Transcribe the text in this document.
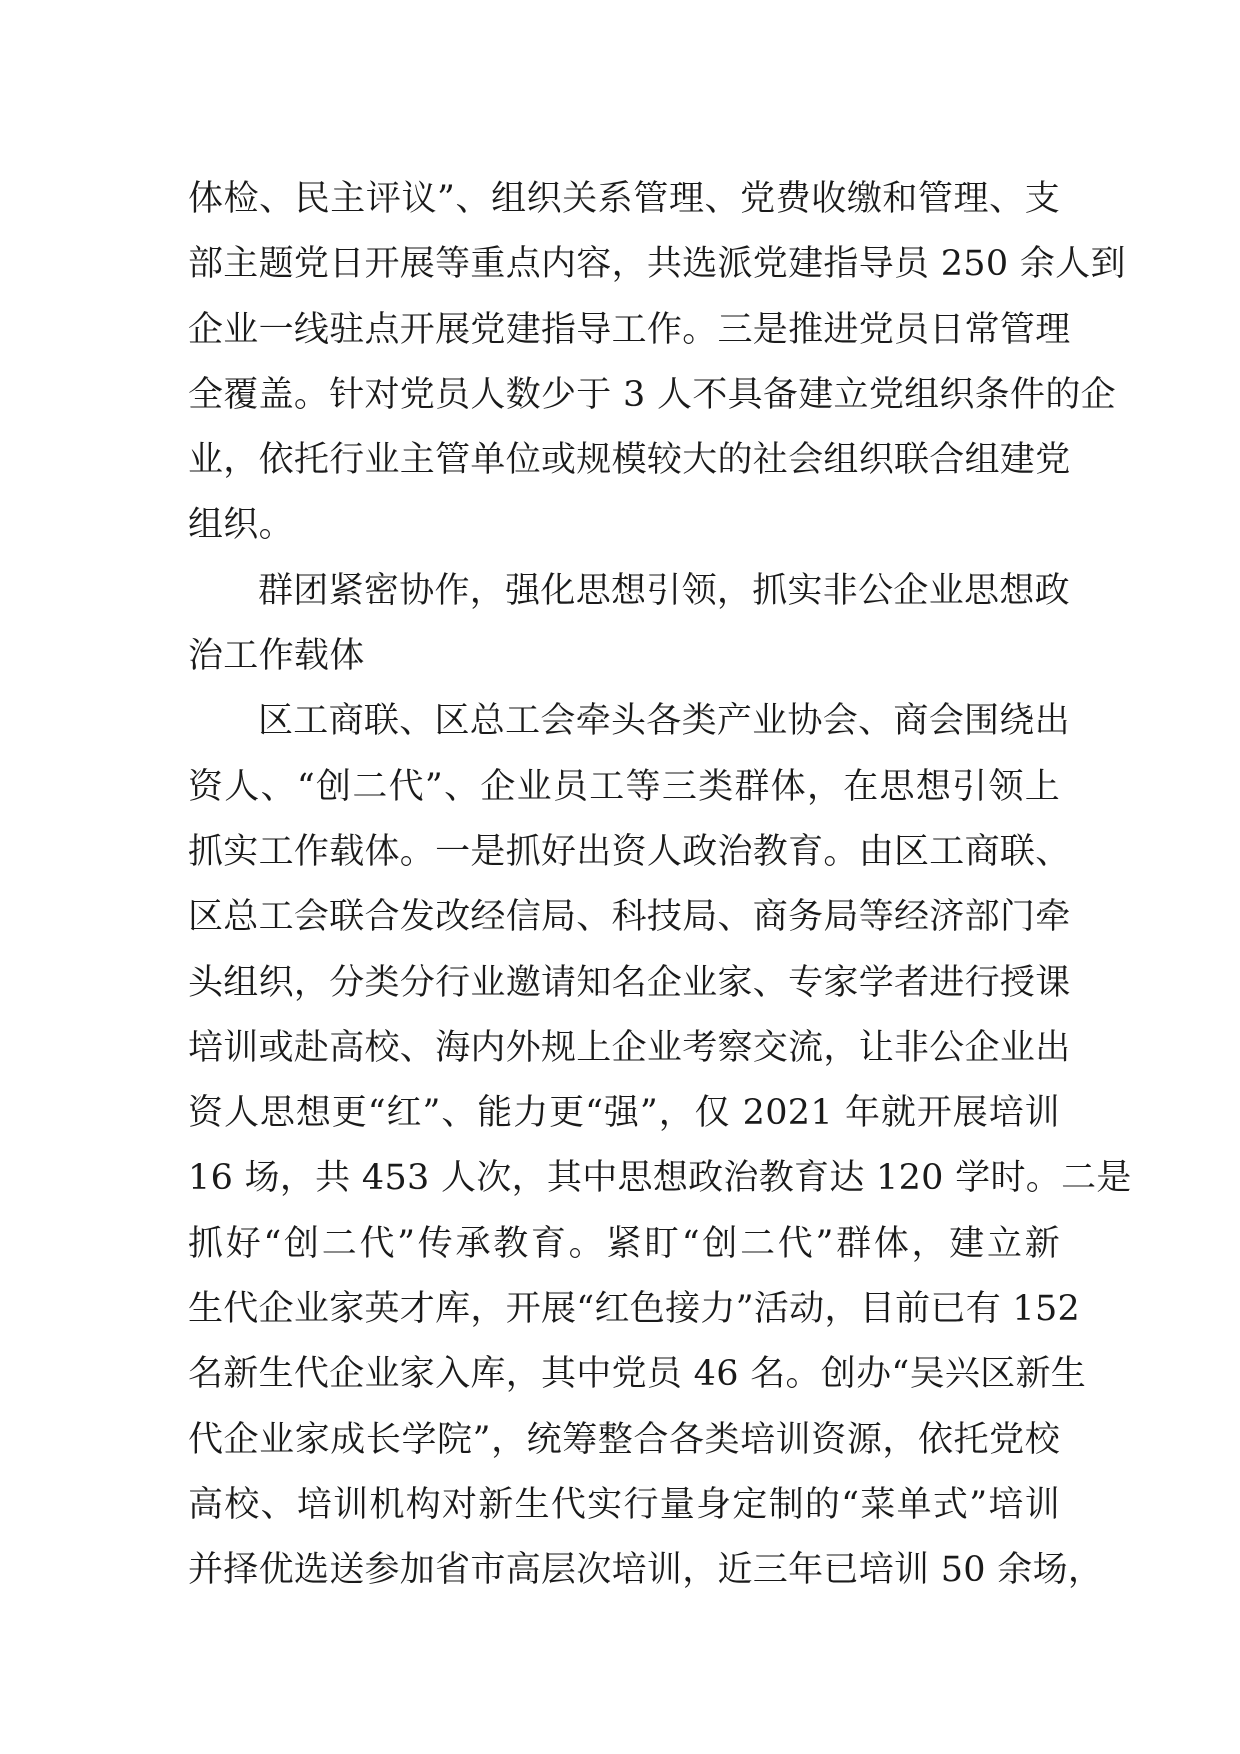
体检、民主评议”、组织关系管理、党费收缴和管理、支
部主题党日开展等重点内容，共选派党建指导员 250 余人到
企业一线驻点开展党建指导工作。三是推进党员日常管理
全覆盖。针对党员人数少于 3 人不具备建立党组织条件的企
业，依托行业主管单位或规模较大的社会组织联合组建党
组织。
群团紧密协作，强化思想引领，抓实非公企业思想政
治工作载体
区工商联、区总工会牵头各类产业协会、商会围绕出
资人、“创二代”、企业员工等三类群体，在思想引领上
抓实工作载体。一是抓好出资人政治教育。由区工商联、
区总工会联合发改经信局、科技局、商务局等经济部门牵
头组织，分类分行业邀请知名企业家、专家学者进行授课
培训或赴高校、海内外规上企业考察交流，让非公企业出
资人思想更“红”、能力更“强”，仅 2021 年就开展培训
16 场，共 453 人次，其中思想政治教育达 120 学时。二是
抓好“创二代”传承教育。紧盯“创二代”群体，建立新
生代企业家英才库，开展“红色接力”活动，目前已有 152
名新生代企业家入库，其中党员 46 名。创办“吴兴区新生
代企业家成长学院”，统筹整合各类培训资源，依托党校
高校、培训机构对新生代实行量身定制的“菜单式”培训
并择优选送参加省市高层次培训，近三年已培训 50 余场，
